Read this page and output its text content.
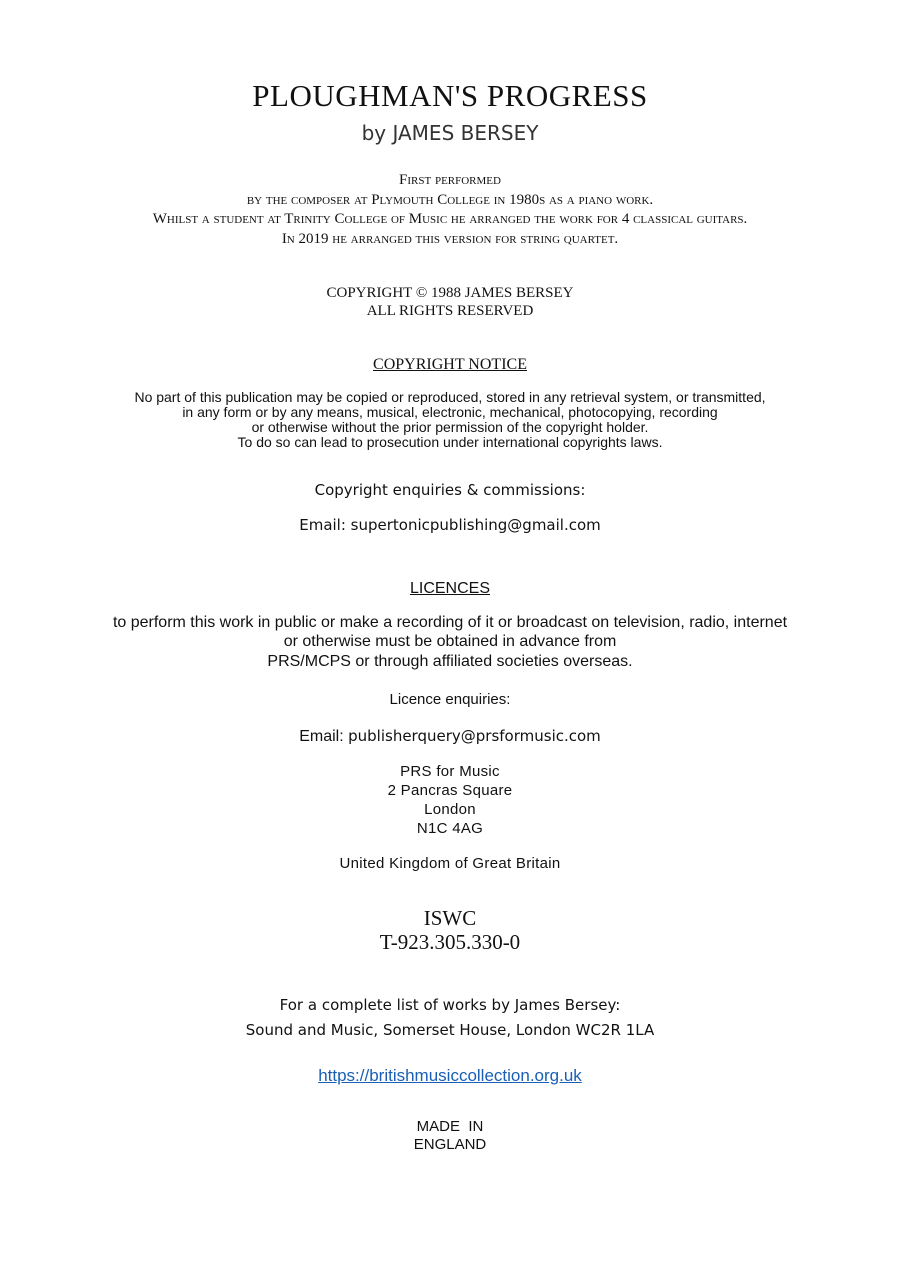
PLOUGHMAN'S PROGRESS
by JAMES BERSEY
First performed
by the composer at Plymouth College in 1980s as a piano work.
Whilst a student at Trinity College of Music he arranged the work for 4 classical guitars.
In 2019 he arranged this version for string quartet.
COPYRIGHT © 1988 JAMES BERSEY
ALL RIGHTS RESERVED
COPYRIGHT NOTICE
No part of this publication may be copied or reproduced, stored in any retrieval system, or transmitted,
in any form or by any means, musical, electronic, mechanical, photocopying, recording
or otherwise without the prior permission of the copyright holder.
To do so can lead to prosecution under international copyrights laws.
Copyright enquiries & commissions:
Email: supertonicpublishing@gmail.com
LICENCES
to perform this work in public or make a recording of it or broadcast on television, radio, internet
or otherwise must be obtained in advance from
PRS/MCPS or through affiliated societies overseas.
Licence enquiries:
Email: publisherquery@prsformusic.com
PRS for Music
2 Pancras Square
London
N1C 4AG
United Kingdom of Great Britain
ISWC
T-923.305.330-0
For a complete list of works by James Bersey:
Sound and Music, Somerset House, London WC2R 1LA
https://britishmusiccollection.org.uk
MADE  IN
ENGLAND
